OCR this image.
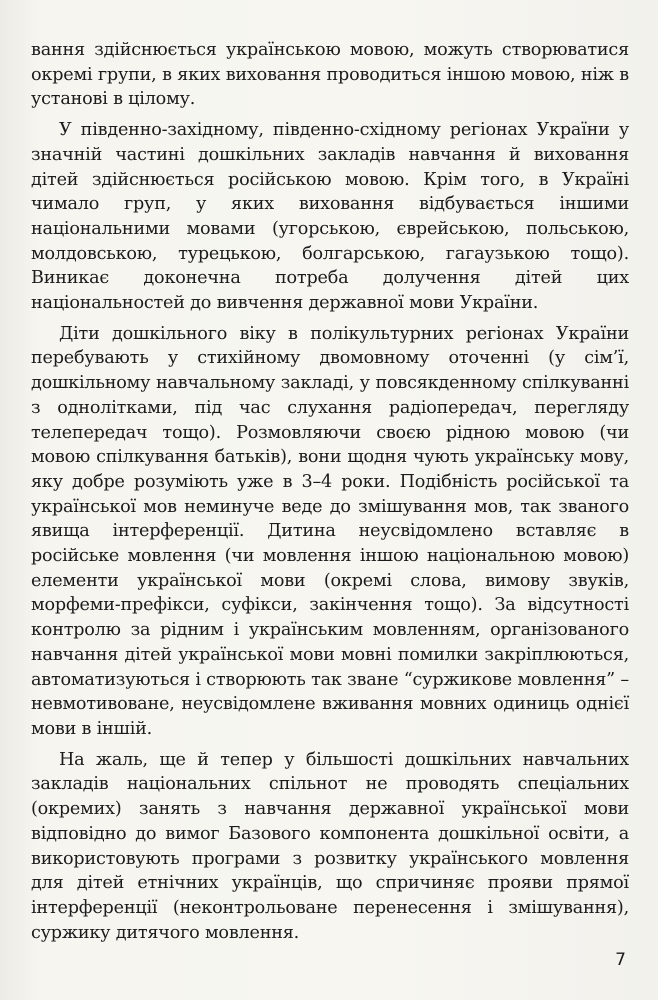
вання здійснюється українською мовою, можуть створюватися окремі групи, в яких виховання проводиться іншою мовою, ніж в установі в цілому.

У південно-західному, південно-східному регіонах України у значній частині дошкільних закладів навчання й виховання дітей здійснюється російською мовою. Крім того, в Україні чимало груп, у яких виховання відбувається іншими національними мовами (угорською, єврейською, польською, молдовською, турецькою, болгарською, гагаузькою тощо). Виникає доконечна потреба долучення дітей цих національностей до вивчення державної мови України.

Діти дошкільного віку в полікультурних регіонах України перебувають у стихійному двомовному оточенні (у сім’ї, дошкільному навчальному закладі, у повсякденному спілкуванні з однолітками, під час слухання радіопередач, перегляду телепередач тощо). Розмовляючи своєю рідною мовою (чи мовою спілкування батьків), вони щодня чують українську мову, яку добре розуміють уже в 3–4 роки. Подібність російської та української мов неминуче веде до змішування мов, так званого явища інтерференції. Дитина неусвідомлено вставляє в російське мовлення (чи мовлення іншою національною мовою) елементи української мови (окремі слова, вимову звуків, морфеми-префікси, суфікси, закінчення тощо). За відсутності контролю за рідним і українським мовленням, організованого навчання дітей української мови мовні помилки закріплюються, автоматизуються і створюють так зване “суржикове мовлення” – невмотивоване, неусвідомлене вживання мовних одиниць однієї мови в іншій.

На жаль, ще й тепер у більшості дошкільних навчальних закладів національних спільнот не проводять спеціальних (окремих) занять з навчання державної української мови відповідно до вимог Базового компонента дошкільної освіти, а використовують програми з розвитку українського мовлення для дітей етнічних українців, що спричиняє прояви прямої інтерференції (неконтрольоване перенесення і змішування), суржику дитячого мовлення.

7
